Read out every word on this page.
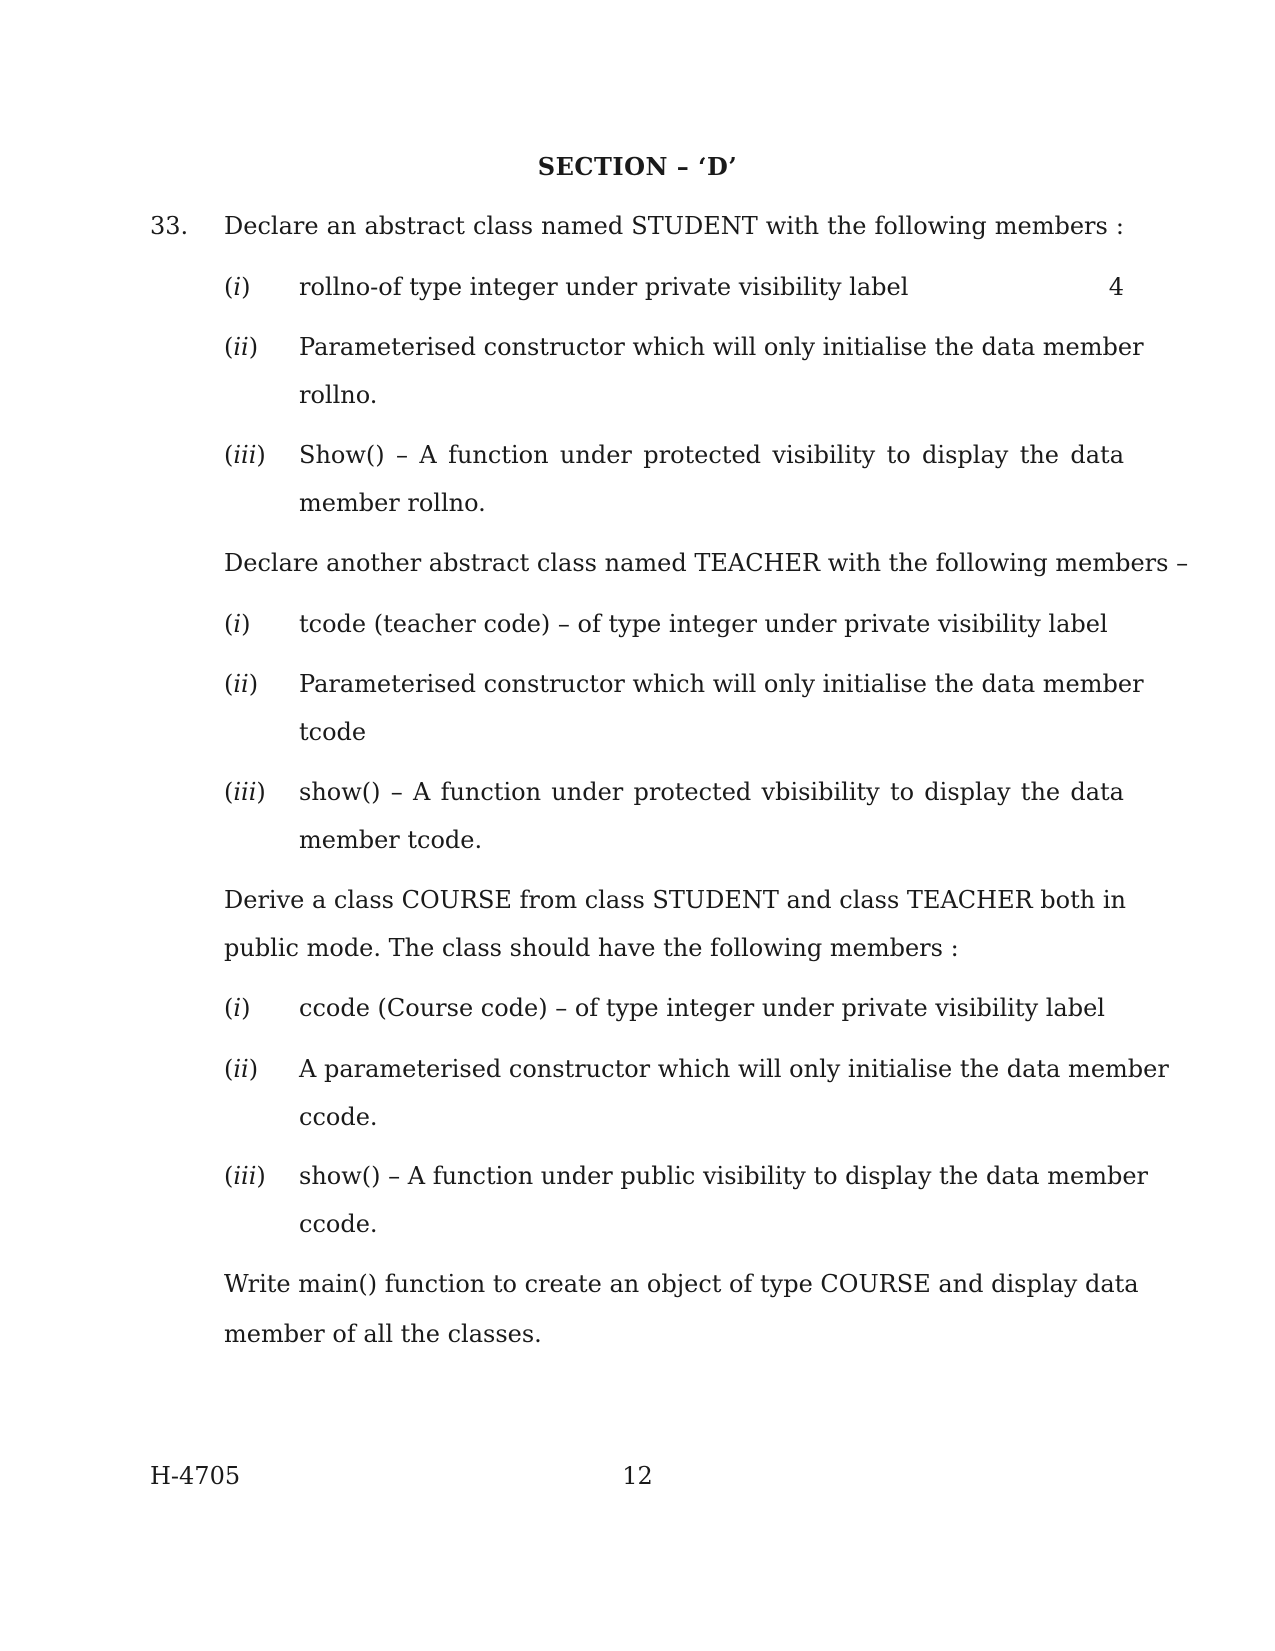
SECTION – ‘D’
33. Declare an abstract class named STUDENT with the following members :
(i) rollno-of type integer under private visibility label	4
(ii) Parameterised constructor which will only initialise the data member
rollno.
(iii) Show() – A function under protected visibility to display the data
member rollno.
Declare another abstract class named TEACHER with the following members –
(i) tcode (teacher code) – of type integer under private visibility label
(ii) Parameterised constructor which will only initialise the data member
tcode
(iii) show() – A function under protected vbisibility to display the data
member tcode.
Derive a class COURSE from class STUDENT and class TEACHER both in
public mode. The class should have the following members :
(i) ccode (Course code) – of type integer under private visibility label
(ii) A parameterised constructor which will only initialise the data member
ccode.
(iii) show() – A function under public visibility to display the data member
ccode.
Write main() function to create an object of type COURSE and display data
member of all the classes.
H-4705	12
